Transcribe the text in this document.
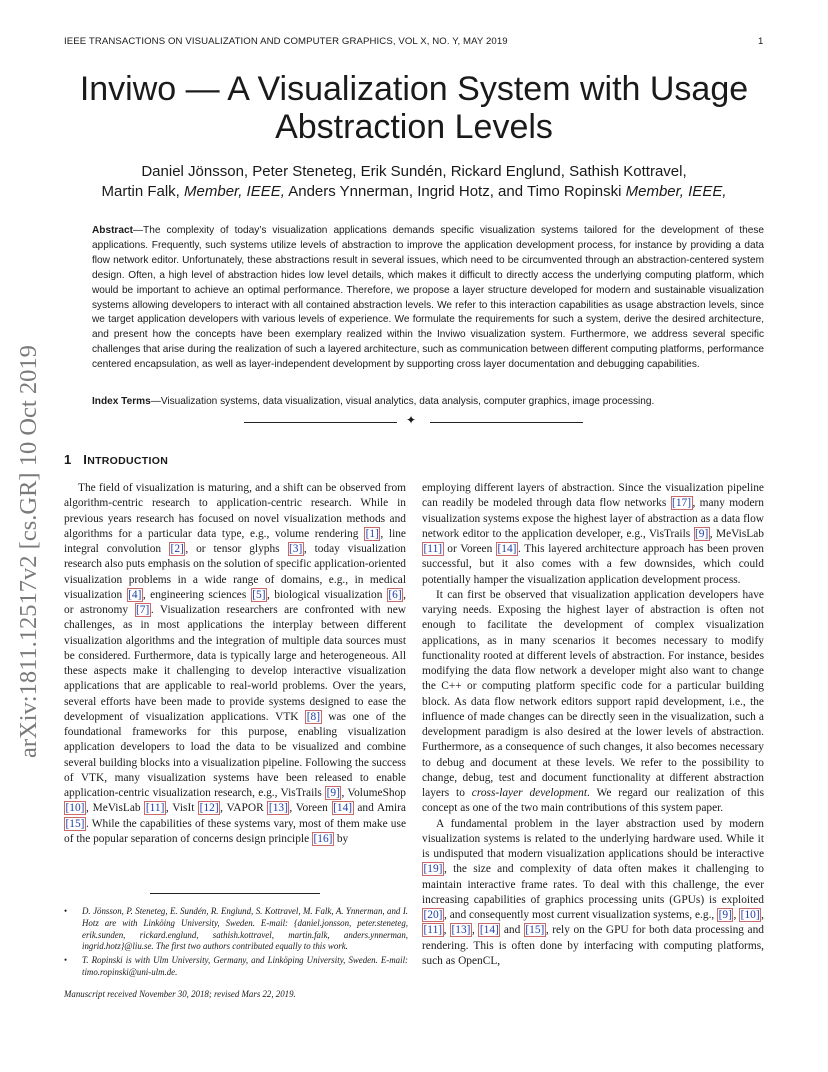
IEEE TRANSACTIONS ON VISUALIZATION AND COMPUTER GRAPHICS, VOL X, NO. Y, MAY 2019	1
arXiv:1811.12517v2 [cs.GR] 10 Oct 2019
Inviwo — A Visualization System with Usage
Abstraction Levels
Daniel Jönsson, Peter Steneteg, Erik Sundén, Rickard Englund, Sathish Kottravel,
Martin Falk, Member, IEEE, Anders Ynnerman, Ingrid Hotz, and Timo Ropinski Member, IEEE,
Abstract—The complexity of today’s visualization applications demands specific visualization systems tailored for the development of these applications. Frequently, such systems utilize levels of abstraction to improve the application development process, for instance by providing a data flow network editor. Unfortunately, these abstractions result in several issues, which need to be circumvented through an abstraction-centered system design. Often, a high level of abstraction hides low level details, which makes it difficult to directly access the underlying computing platform, which would be important to achieve an optimal performance. Therefore, we propose a layer structure developed for modern and sustainable visualization systems allowing developers to interact with all contained abstraction levels. We refer to this interaction capabilities as usage abstraction levels, since we target application developers with various levels of experience. We formulate the requirements for such a system, derive the desired architecture, and present how the concepts have been exemplary realized within the Inviwo visualization system. Furthermore, we address several specific challenges that arise during the realization of such a layered architecture, such as communication between different computing platforms, performance centered encapsulation, as well as layer-independent development by supporting cross layer documentation and debugging capabilities.
Index Terms—Visualization systems, data visualization, visual analytics, data analysis, computer graphics, image processing.
✦
1 INTRODUCTION

The field of visualization is maturing, and a shift can be observed from algorithm-centric research to application-centric research. While in previous years research has focused on novel visualization methods and algorithms for a particular data type, e.g., volume rendering [1] , line integral convolution [2] , or tensor glyphs [3] , today visualization research also puts emphasis on the solution of specific application-oriented visualization problems in a wide range of domains, e.g., in medical visualization [4] , engineering sciences [5] , biological visualization [6] , or astronomy [7] . Visualization researchers are confronted with new challenges, as in most applications the interplay between different visualization algorithms and the integration of multiple data sources must be considered. Furthermore, data is typically large and heterogeneous. All these aspects make it challenging to develop interactive visualization applications that are applicable to real-world problems. Over the years, several efforts have been made to provide systems designed to ease the development of visualization applications. VTK [8] was one of the foundational frameworks for this purpose, enabling visualization application developers to load the data to be visualized and combine several building blocks into a visualization pipeline. Following the success of VTK, many visualization systems have been released to enable application-centric visualization research, e.g., VisTrails [9] , VolumeShop [10] , MeVisLab [11] , VisIt [12] , VAPOR [13] , Voreen [14] and Amira [15] . While the capabilities of these systems vary, most of them make use of the popular separation of concerns design principle [16] by

• D. Jönsson, P. Steneteg, E. Sundén, R. Englund, S. Kottravel, M. Falk, A. Ynnerman, and I. Hotz are with Linköing University, Sweden. E-mail: {daniel.jonsson, peter.steneteg, erik.sunden, rickard.englund, sathish.kottravel, martin.falk, anders.ynnerman, ingrid.hotz}@liu.se. The first two authors contributed equally to this work.
• T. Ropinski is with Ulm University, Germany, and Linköping University, Sweden. E-mail: timo.ropinski@uni-ulm.de.
Manuscript received November 30, 2018; revised Mars 22, 2019.

employing different layers of abstraction. Since the visualization pipeline can readily be modeled through data flow networks [17] , many modern visualization systems expose the highest layer of abstraction as a data flow network editor to the application developer, e.g., VisTrails [9] , MeVisLab [11] or Voreen [14] . This layered architecture approach has been proven successful, but it also comes with a few downsides, which could potentially hamper the visualization application development process.

It can first be observed that visualization application developers have varying needs. Exposing the highest layer of abstraction is often not enough to facilitate the development of complex visualization applications, as in many scenarios it becomes necessary to modify functionality rooted at different levels of abstraction. For instance, besides modifying the data flow network a developer might also want to change the C++ or computing platform specific code for a particular building block. As data flow network editors support rapid development, i.e., the influence of made changes can be directly seen in the visualization, such a development paradigm is also desired at the lower levels of abstraction. Furthermore, as a consequence of such changes, it also becomes necessary to debug and document at these levels. We refer to the possibility to change, debug, test and document functionality at different abstraction layers to cross-layer development. We regard our realization of this concept as one of the two main contributions of this system paper.

A fundamental problem in the layer abstraction used by modern visualization systems is related to the underlying hardware used. While it is undisputed that modern visualization applications should be interactive [19] , the size and complexity of data often makes it challenging to maintain interactive frame rates. To deal with this challenge, the ever increasing capabilities of graphics processing units (GPUs) is exploited [20] , and consequently most current visualization systems, e.g., [9] , [10] , [11] , [13] , [14] and [15] , rely on the GPU for both data processing and rendering. This is often done by interfacing with computing platforms, such as OpenCL,
